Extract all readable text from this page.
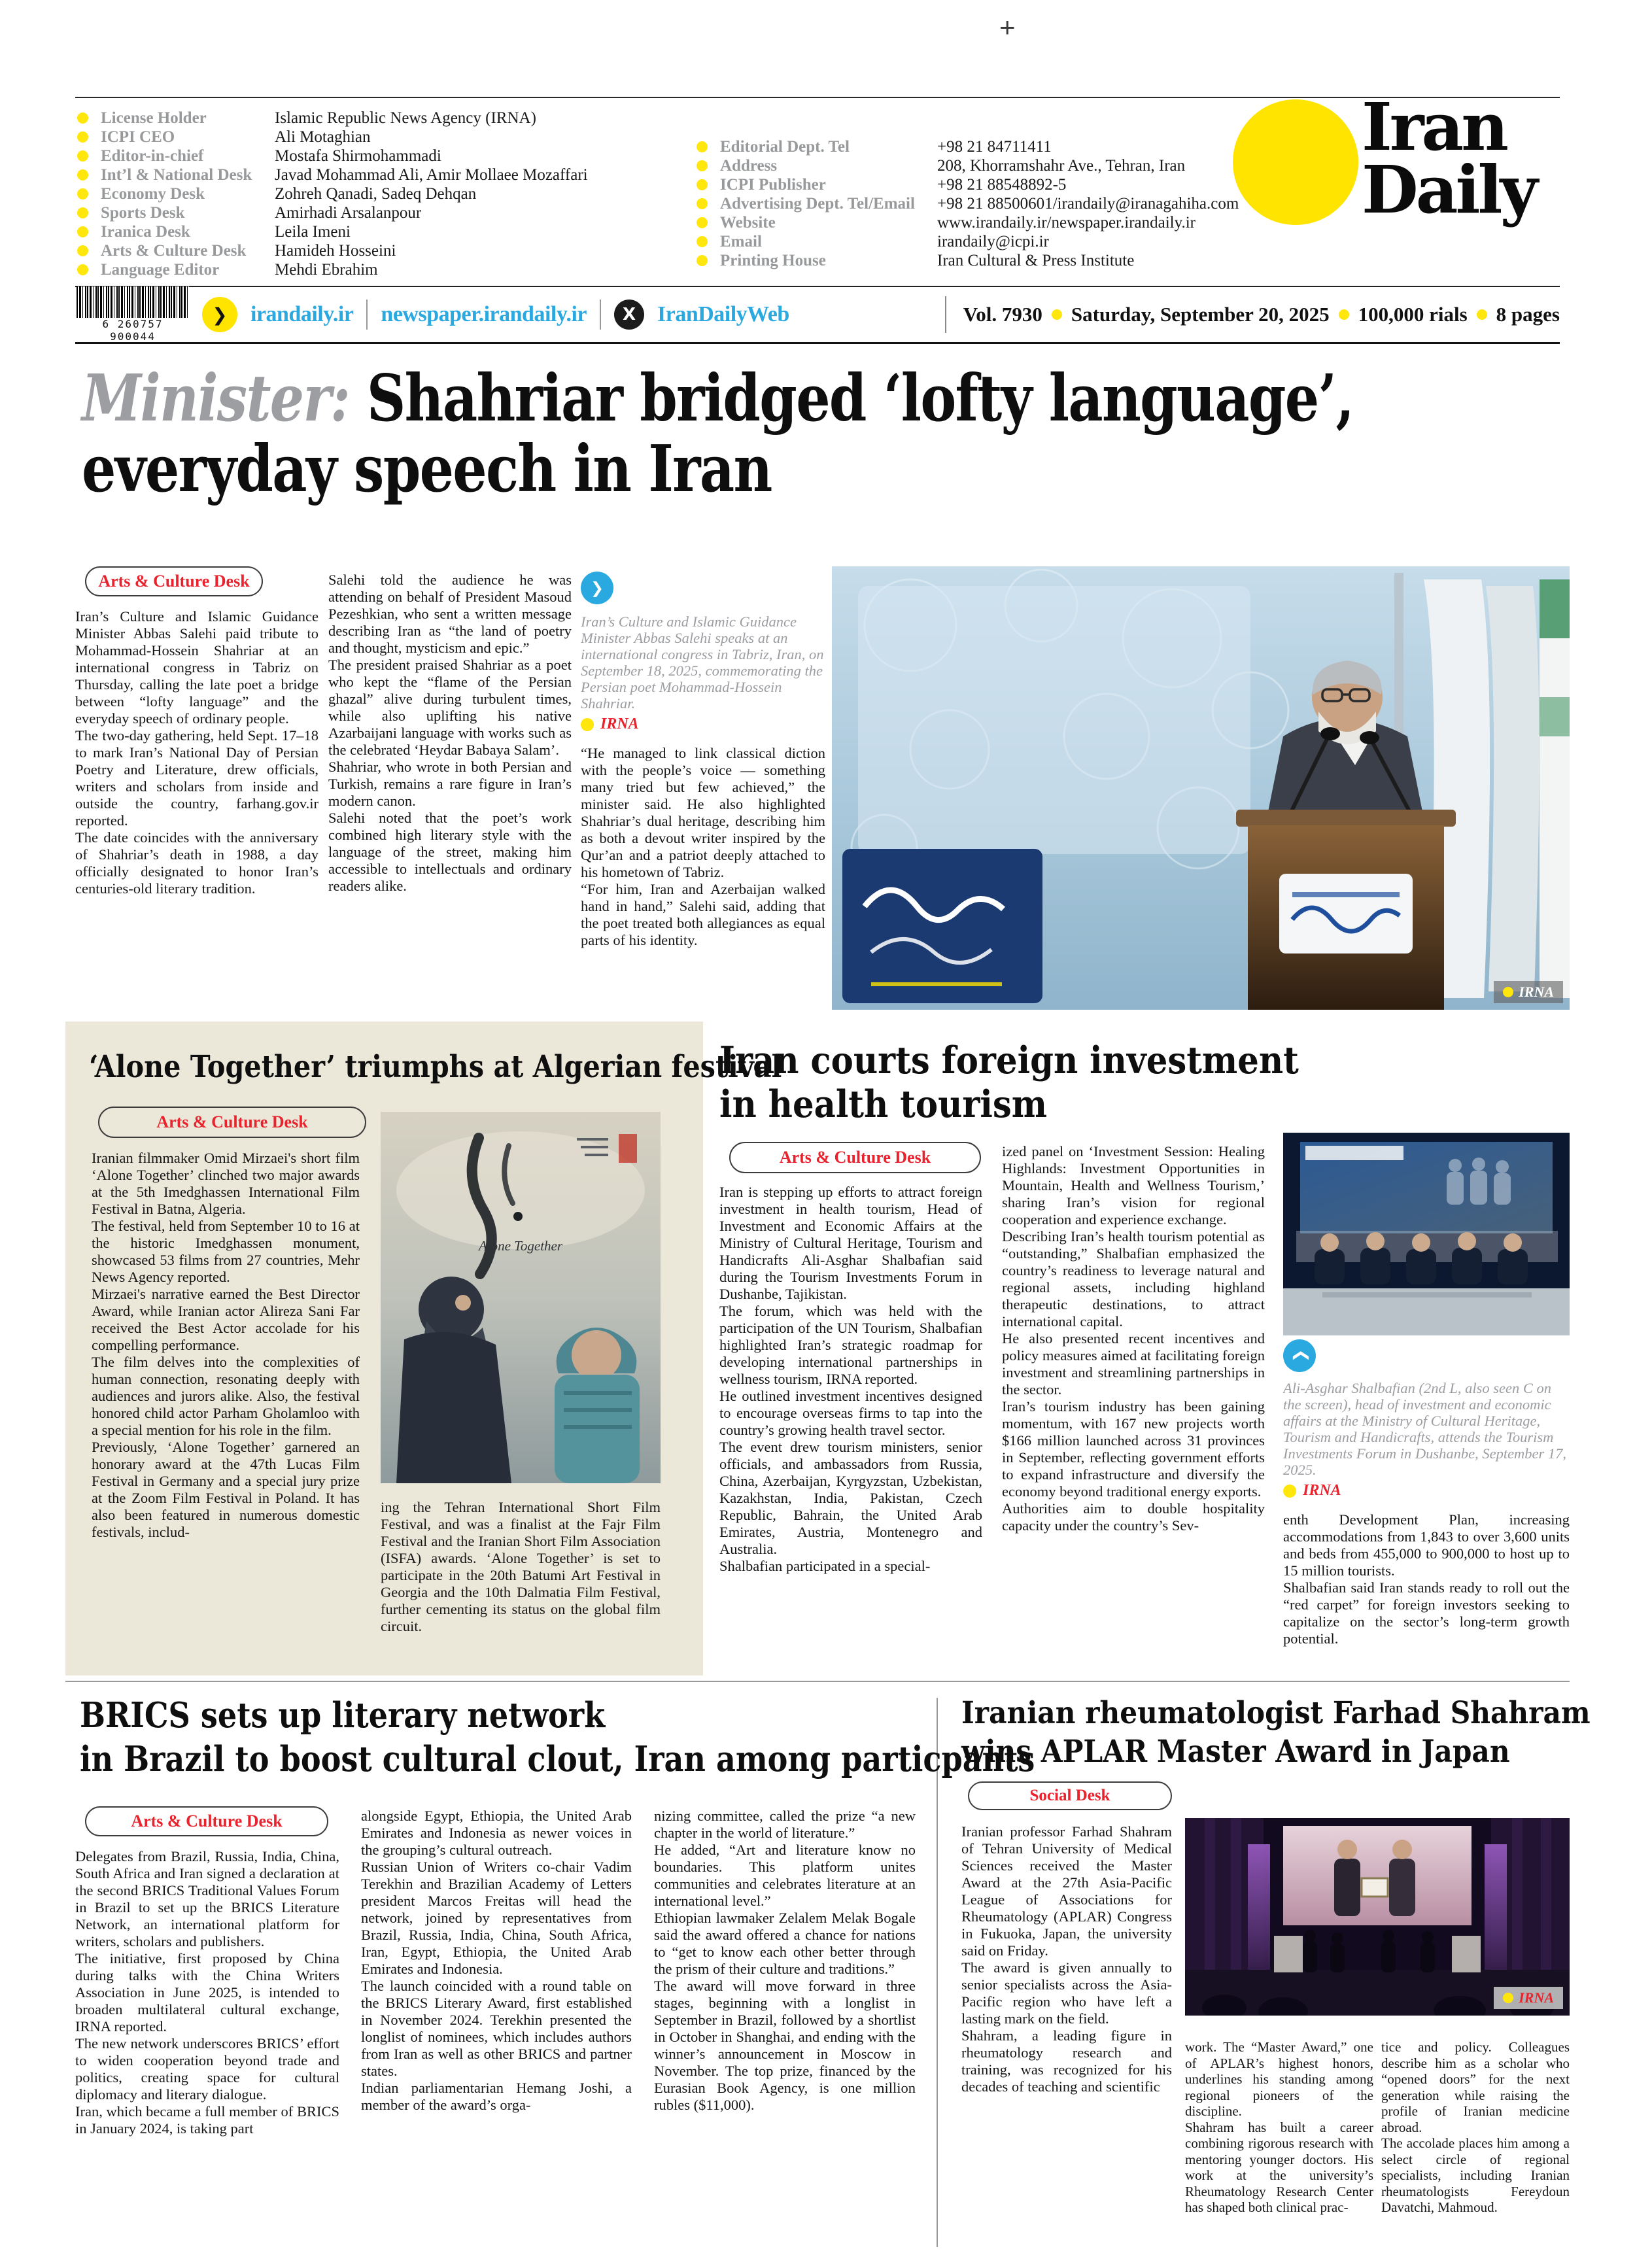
+
License Holder	Islamic Republic News Agency (IRNA)
ICPI CEO	Ali Motaghian
Editor-in-chief	Mostafa Shirmohammadi
Int’l & National Desk	Javad Mohammad Ali, Amir Mollaee Mozaffari
Economy Desk	Zohreh Qanadi, Sadeq Dehqan
Sports Desk	Amirhadi Arsalanpour
Iranica Desk	Leila Imeni
Arts & Culture Desk	Hamideh Hosseini
Language Editor	Mehdi Ebrahim
Editorial Dept. Tel	+98 21 84711411
Address	208, Khorramshahr Ave., Tehran, Iran
ICPI Publisher	+98 21 88548892-5
Advertising Dept. Tel/Email	+98 21 88500601/irandaily@iranagahiha.com
Website	www.irandaily.ir/newspaper.irandaily.ir
Email	irandaily@icpi.ir
Printing House	Iran Cultural & Press Institute
Iran
Daily
6 260757 900044
❯	irandaily.ir newspaper.irandaily.ir	X IranDailyWeb	Vol. 7930 Saturday, September 20, 2025 100,000 rials 8 pages
Minister: Shahriar bridged ‘lofty language’,
everyday speech in Iran
Arts & Culture Desk

Iran’s Culture and Islamic Guidance Minister Abbas Salehi paid tribute to Mohammad-Hossein Shahriar at an international congress in Tabriz on Thursday, calling the late poet a bridge between “lofty language” and the everyday speech of ordinary people.

The two-day gathering, held Sept. 17–18 to mark Iran’s National Day of Persian Poetry and Literature, drew officials, writers and scholars from inside and outside the country, farhang.gov.ir reported.

The date coincides with the anniversary of Shahriar’s death in 1988, a day officially designated to honor Iran’s centuries-old literary tradition.

Salehi told the audience he was attending on behalf of President Masoud Pezeshkian, who sent a written message describing Iran as “the land of poetry and thought, mysticism and epic.”

The president praised Shahriar as a poet who kept the “flame of the Persian ghazal” alive during turbulent times, while also uplifting his native Azarbaijani language with works such as the celebrated ‘Heydar Babaya Salam’.

Shahriar, who wrote in both Persian and Turkish, remains a rare figure in Iran’s modern canon.

Salehi noted that the poet’s work combined high literary style with the language of the street, making him accessible to intellectuals and ordinary readers alike.

❯
Iran’s Culture and Islamic Guidance Minister Abbas Salehi speaks at an international congress in Tabriz, Iran, on September 18, 2025, commemorating the Persian poet Mohammad-Hossein Shahriar.
IRNA

“He managed to link classical diction with the people’s voice — something many tried but few achieved,” the minister said. He also highlighted Shahriar’s dual heritage, describing him as both a devout writer inspired by the Qur’an and a patriot deeply attached to his hometown of Tabriz.

“For him, Iran and Azerbaijan walked hand in hand,” Salehi said, adding that the poet treated both allegiances as equal parts of his identity.

IRNA
‘Alone Together’ triumphs at Algerian festival
Arts & Culture Desk

Iranian filmmaker Omid Mirzaei's short film ‘Alone Together’ clinched two major awards at the 5th Imedghassen International Film Festival in Batna, Algeria.

The festival, held from September 10 to 16 at the historic Imedghassen monument, showcased 53 films from 27 countries, Mehr News Agency reported.

Mirzaei's narrative earned the Best Director Award, while Iranian actor Alireza Sani Far received the Best Actor accolade for his compelling performance.

The film delves into the complexities of human connection, resonating deeply with audiences and jurors alike. Also, the festival honored child actor Parham Gholamloo with a special mention for his role in the film.

Previously, ‘Alone Together’ garnered an honorary award at the 47th Lucas Film Festival in Germany and a special jury prize at the Zoom Film Festival in Poland. It has also been featured in numerous domestic festivals, includ-

Alone Together

ing the Tehran International Short Film Festival, and was a finalist at the Fajr Film Festival and the Iranian Short Film Association (ISFA) awards. ‘Alone Together’ is set to participate in the 20th Batumi Art Festival in Georgia and the 10th Dalmatia Film Festival, further cementing its status on the global film circuit.

Iran courts foreign investment
in health tourism
Arts & Culture Desk

Iran is stepping up efforts to attract foreign investment in health tourism, Head of Investment and Economic Affairs at the Ministry of Cultural Heritage, Tourism and Handicrafts Ali-Asghar Shalbafian said during the Tourism Investments Forum in Dushanbe, Tajikistan.

The forum, which was held with the participation of the UN Tourism, Shalbafian highlighted Iran’s strategic roadmap for developing international partnerships in wellness tourism, IRNA reported.

He outlined investment incentives designed to encourage overseas firms to tap into the country’s growing health travel sector.

The event drew tourism ministers, senior officials, and ambassadors from Russia, China, Azerbaijan, Kyrgyzstan, Uzbekistan, Kazakhstan, India, Pakistan, Czech Republic, Bahrain, the United Arab Emirates, Austria, Montenegro and Australia.

Shalbafian participated in a special-

ized panel on ‘Investment Session: Healing Highlands: Investment Opportunities in Mountain, Health and Wellness Tourism,’ sharing Iran’s vision for regional cooperation and experience exchange.

Describing Iran’s health tourism potential as “outstanding,” Shalbafian emphasized the country’s readiness to leverage natural and regional assets, including highland therapeutic destinations, to attract international capital.

He also presented recent incentives and policy measures aimed at facilitating foreign investment and streamlining partnerships in the sector.

Iran’s tourism industry has been gaining momentum, with 167 new projects worth $166 million launched across 31 provinces in September, reflecting government efforts to expand infrastructure and diversify the economy beyond traditional energy exports.

Authorities aim to double hospitality capacity under the country’s Sev-

❯
Ali-Asghar Shalbafian (2nd L, also seen C on the screen), head of investment and economic affairs at the Ministry of Cultural Heritage, Tourism and Handicrafts, attends the Tourism Investments Forum in Dushanbe, September 17, 2025.
IRNA

enth Development Plan, increasing accommodations from 1,843 to over 3,600 units and beds from 455,000 to 900,000 to host up to 15 million tourists.

Shalbafian said Iran stands ready to roll out the “red carpet” for foreign investors seeking to capitalize on the sector’s long-term growth potential.

BRICS sets up literary network
in Brazil to boost cultural clout, Iran among particpants
Arts & Culture Desk

Delegates from Brazil, Russia, India, China, South Africa and Iran signed a declaration at the second BRICS Traditional Values Forum in Brazil to set up the BRICS Literature Network, an international platform for writers, scholars and publishers.

The initiative, first proposed by China during talks with the China Writers Association in June 2025, is intended to broaden multilateral cultural exchange, IRNA reported.

The new network underscores BRICS’ effort to widen cooperation beyond trade and politics, creating space for cultural diplomacy and literary dialogue.

Iran, which became a full member of BRICS in January 2024, is taking part

alongside Egypt, Ethiopia, the United Arab Emirates and Indonesia as newer voices in the grouping’s cultural outreach.

Russian Union of Writers co-chair Vadim Terekhin and Brazilian Academy of Letters president Marcos Freitas will head the network, joined by representatives from Brazil, Russia, India, China, South Africa, Iran, Egypt, Ethiopia, the United Arab Emirates and Indonesia.

The launch coincided with a round table on the BRICS Literary Award, first established in November 2024. Terekhin presented the longlist of nominees, which includes authors from Iran as well as other BRICS and partner states.

Indian parliamentarian Hemang Joshi, a member of the award’s orga-

nizing committee, called the prize “a new chapter in the world of literature.”

He added, “Art and literature know no boundaries. This platform unites communities and celebrates literature at an international level.”

Ethiopian lawmaker Zelalem Melak Bogale said the award offered a chance for nations to “get to know each other better through the prism of their culture and traditions.”

The award will move forward in three stages, beginning with a longlist in September in Brazil, followed by a shortlist in October in Shanghai, and ending with the winner’s announcement in Moscow in November. The top prize, financed by the Eurasian Book Agency, is one million rubles ($11,000).

Iranian rheumatologist Farhad Shahram
wins APLAR Master Award in Japan
Social Desk

Iranian professor Farhad Shahram of Tehran University of Medical Sciences received the Master Award at the 27th Asia-Pacific League of Associations for Rheumatology (APLAR) Congress in Fukuoka, Japan, the university said on Friday.

The award is given annually to senior specialists across the Asia-Pacific region who have left a lasting mark on the field.

Shahram, a leading figure in rheumatology research and training, was recognized for his decades of teaching and scientific

IRNA

work. The “Master Award,” one of APLAR’s highest honors, underlines his standing among regional pioneers of the discipline.

Shahram has built a career combining rigorous research with mentoring younger doctors. His work at the university’s Rheumatology Research Center has shaped both clinical prac-

tice and policy. Colleagues describe him as a scholar who “opened doors” for the next generation while raising the profile of Iranian medicine abroad.

The accolade places him among a select circle of regional specialists, including Iranian rheumatologists Fereydoun Davatchi, Mahmoud.
